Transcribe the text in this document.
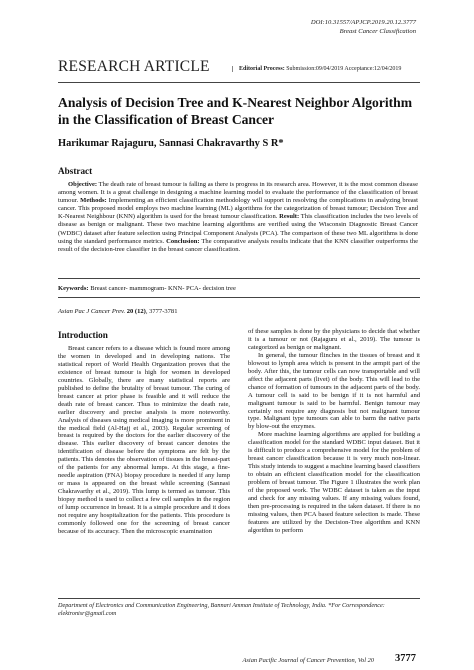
DOI:10.31557/APJCP.2019.20.12.3777
Breast Cancer Classification
RESEARCH ARTICLE	Editorial Process: Submission:09/04/2019 Acceptance:12/04/2019
Analysis of Decision Tree and K-Nearest Neighbor Algorithm in the Classification of Breast Cancer
Harikumar Rajaguru, Sannasi Chakravarthy S R*
Abstract
Objective: The death rate of breast tumour is falling as there is progress in its research area. However, it is the most common disease among women. It is a great challenge in designing a machine learning model to evaluate the performance of the classification of breast tumour. Methods: Implementing an efficient classification methodology will support in resolving the complications in analyzing breast cancer. This proposed model employs two machine learning (ML) algorithms for the categorization of breast tumour; Decision Tree and K-Nearest Neighbour (KNN) algorithm is used for the breast tumour classification. Result: This classification includes the two levels of disease as benign or malignant. These two machine learning algorithms are verified using the Wisconsin Diagnostic Breast Cancer (WDBC) dataset after feature selection using Principal Component Analysis (PCA). The comparison of these two ML algorithms is done using the standard performance metrics. Conclusion: The comparative analysis results indicate that the KNN classifier outperforms the result of the decision-tree classifier in the breast cancer classification.
Keywords: Breast cancer- mammogram- KNN- PCA- decision tree
Asian Pac J Cancer Prev. 20 (12), 3777-3781
Introduction
Breast cancer refers to a disease which is found more among the women in developed and in developing nations. The statistical report of World Health Organization proves that the existence of breast tumour is high for women in developed countries. Globally, there are many statistical reports are published to define the brutality of breast tumour. The curing of breast cancer at prior phase is feasible and it will reduce the death rate of breast cancer. Thus to minimize the death rate, earlier discovery and precise analysis is more noteworthy. Analysis of diseases using medical imaging is more prominent in the medical field (Al-Hajj et al., 2003). Regular screening of breast is required by the doctors for the earlier discovery of the disease. This earlier discovery of breast cancer denotes the identification of disease before the symptoms are felt by the patients. This denotes the observation of tissues in the breast-part of the patients for any abnormal lumps. At this stage, a fine-needle aspiration (FNA) biopsy procedure is needed if any lump or mass is appeared on the breast while screening (Sannasi Chakravarthy et al., 2019). This lump is termed as tumour. This biopsy method is used to collect a few cell samples in the region of lump occurrence in breast. It is a simple procedure and it does not require any hospitalization for the patients. This procedure is commonly followed one for the screening of breast cancer because of its accuracy. Then the microscopic examination

of these samples is done by the physicians to decide that whether it is a tumour or not (Rajaguru et al., 2019). The tumour is categorized as benign or malignant.

In general, the tumour flinches in the tissues of breast and it blowout to lymph area which is present in the armpit part of the body. After this, the tumour cells can now transportable and will affect the adjacent parts (livet) of the body. This will lead to the chance of formation of tumours in the adjacent parts of the body. A tumour cell is said to be benign if it is not harmful and malignant tumour is said to be harmful. Benign tumour may certainly not require any diagnosis but not malignant tumour type. Malignant type tumours can able to barm the native parts by blow-out the enzymes.

More machine learning algorithms are applied for building a classification model for the standard WDBC input dataset. But it is difficult to produce a comprehensive model for the problem of breast cancer classification because it is very much non-linear. This study intends to suggest a machine learning based classifiers to obtain an efficient classification model for the classification problem of breast tumour. The Figure 1 illustrates the work plan of the proposed work. The WDBC dataset is taken as the input and check for any missing values. If any missing values found, then pre-processing is required in the taken dataset. If there is no missing values, then PCA based feature selection is made. These features are utilized by the Decision-Tree algorithm and KNN algorithm to perform

Department of Electronics and Communication Engineering, Bannari Amman Institute of Technology, India. *For Correspondence: elektronisr@gmail.com
Asian Pacific Journal of Cancer Prevention, Vol 20 3777
